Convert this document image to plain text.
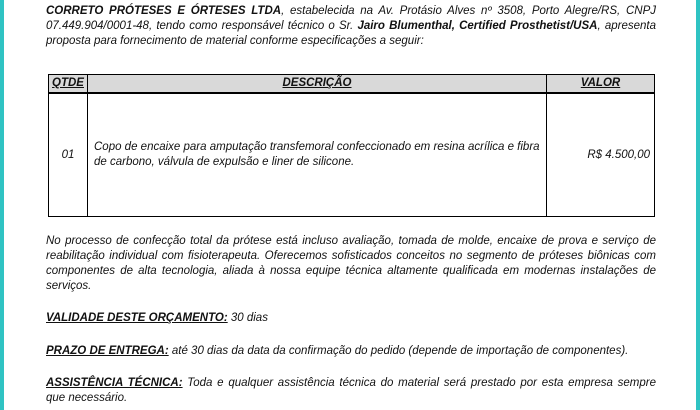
CORRETO PRÓTESES E ÓRTESES LTDA, estabelecida na Av. Protásio Alves nº 3508, Porto Alegre/RS, CNPJ 07.449.904/0001-48, tendo como responsável técnico o Sr. Jairo Blumenthal, Certified Prosthetist/USA, apresenta proposta para fornecimento de material conforme especificações a seguir:

QTDE	DESCRIÇÃO	VALOR
01	Copo de encaixe para amputação transfemoral confeccionado em resina acrílica e fibra de carbono, válvula de expulsão e liner de silicone.	R$ 4.500,00

No processo de confecção total da prótese está incluso avaliação, tomada de molde, encaixe de prova e serviço de reabilitação individual com fisioterapeuta. Oferecemos sofisticados conceitos no segmento de próteses biônicas com componentes de alta tecnologia, aliada à nossa equipe técnica altamente qualificada em modernas instalações de serviços.

VALIDADE DESTE ORÇAMENTO: 30 dias

PRAZO DE ENTREGA: até 30 dias da data da confirmação do pedido (depende de importação de componentes).

ASSISTÊNCIA TÉCNICA: Toda e qualquer assistência técnica do material será prestado por esta empresa sempre que necessário.
